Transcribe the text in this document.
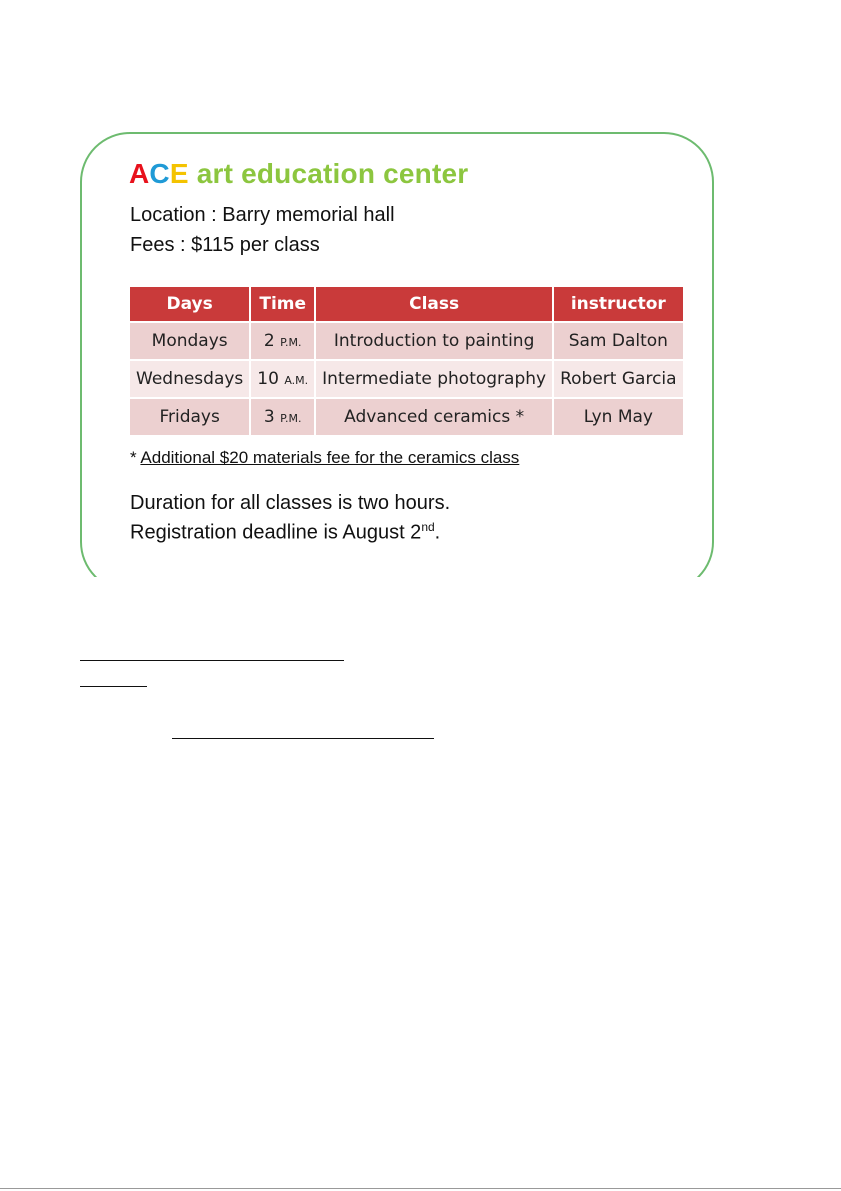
ACE art education center
Location : Barry memorial hall
Fees : $115 per class
Days	Time	Class	instructor
Mondays	2 P.M.	Introduction to painting	Sam Dalton
Wednesdays	10 A.M.	Intermediate photography	Robert Garcia
Fridays	3 P.M.	Advanced ceramics *	Lyn May
* Additional $20 materials fee for the ceramics class
Duration for all classes is two hours.
Registration deadline is August 2nd.
